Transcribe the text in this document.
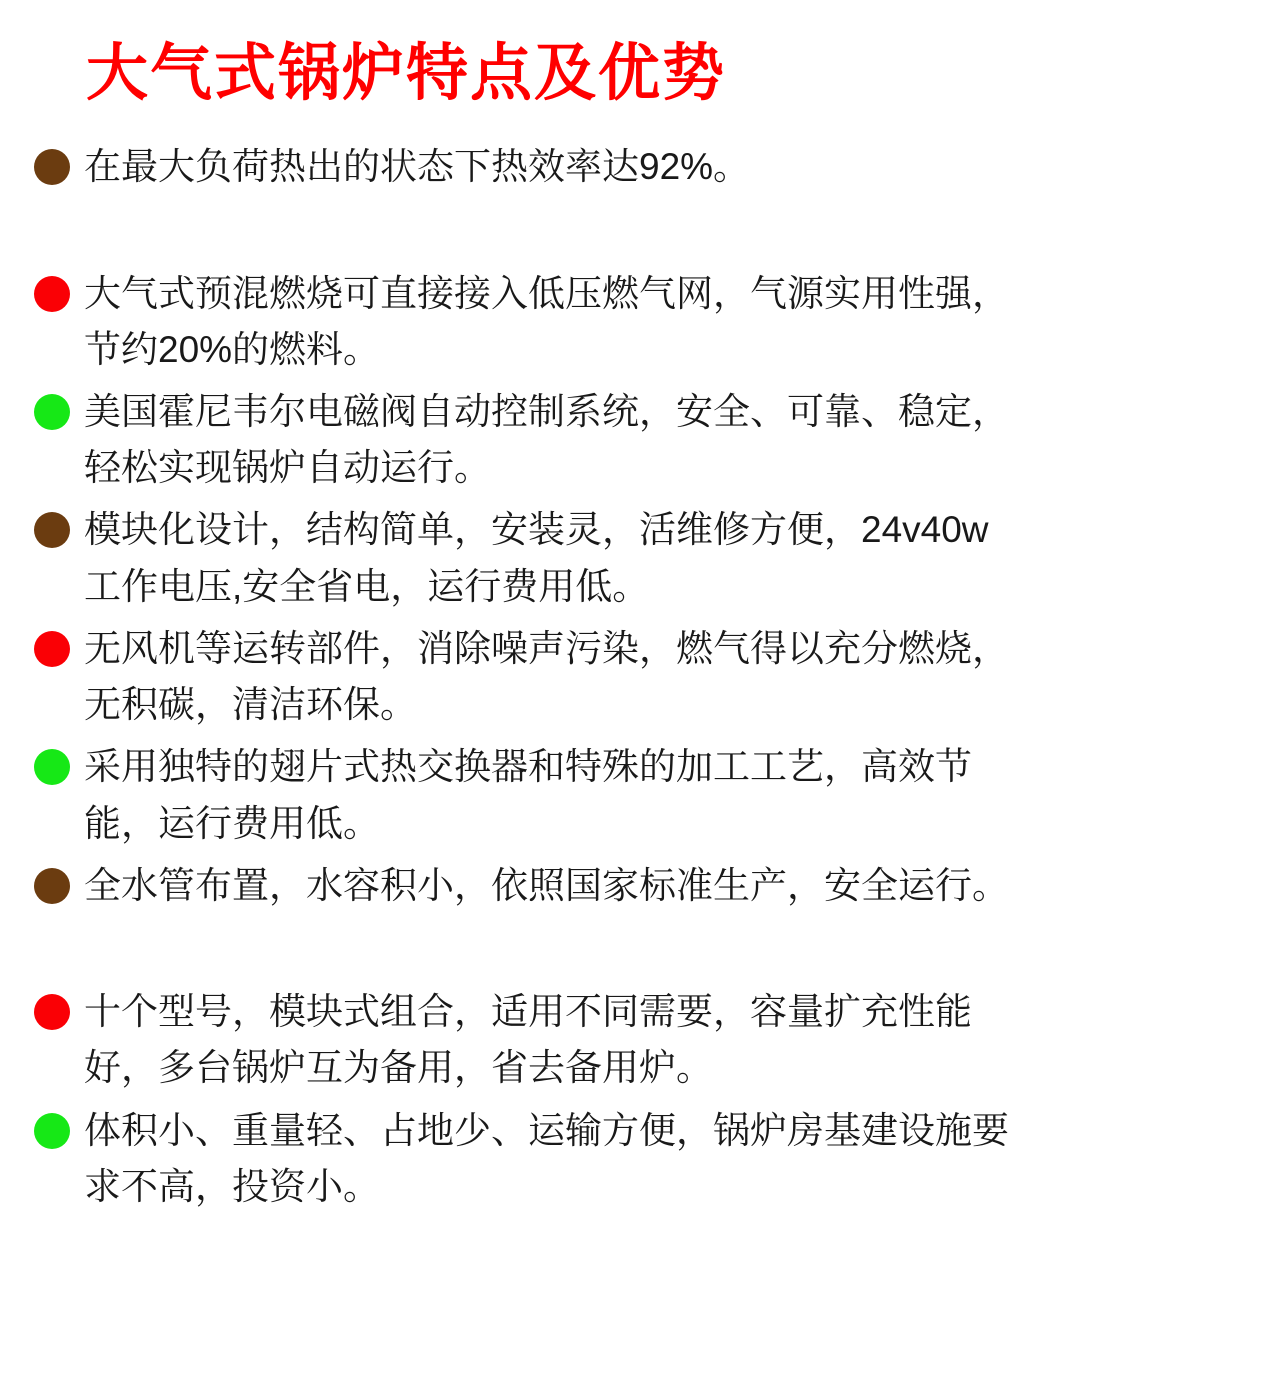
大气式锅炉特点及优势
在最大负荷热出的状态下热效率达92%。
大气式预混燃烧可直接接入低压燃气网，气源实用性强，节约20%的燃料。
美国霍尼韦尔电磁阀自动控制系统，安全、可靠、稳定，轻松实现锅炉自动运行。
模块化设计，结构简单，安装灵，活维修方便，24v40w工作电压,安全省电，运行费用低。
无风机等运转部件，消除噪声污染，燃气得以充分燃烧，无积碳，清洁环保。
采用独特的翅片式热交换器和特殊的加工工艺，高效节能，运行费用低。
全水管布置，水容积小，依照国家标准生产，安全运行。
十个型号，模块式组合，适用不同需要，容量扩充性能好，多台锅炉互为备用，省去备用炉。
体积小、重量轻、占地少、运输方便，锅炉房基建设施要求不高，投资小。
